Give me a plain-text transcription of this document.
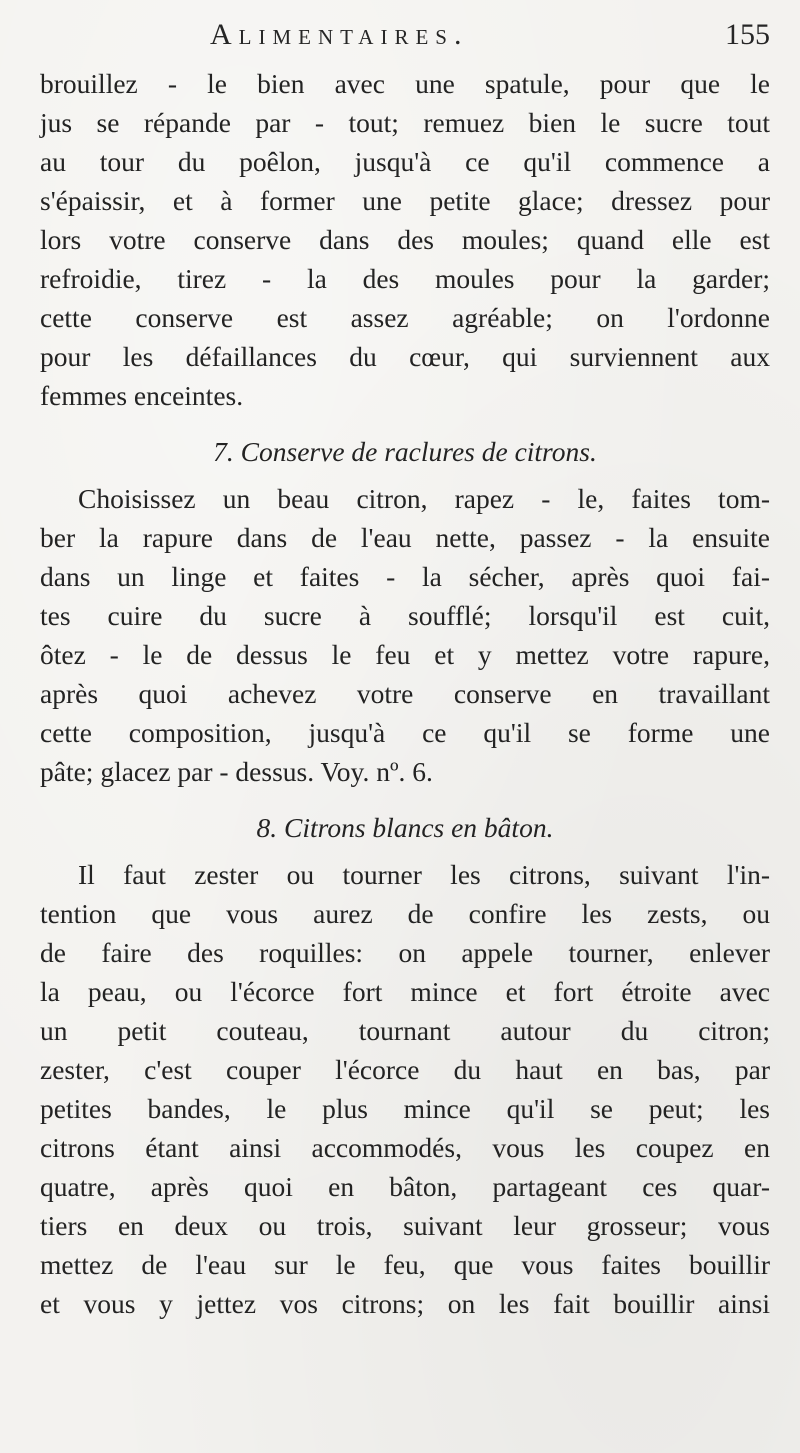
Alimentaires.	155
brouillez - le bien avec une spatule, pour que le
jus se répande par - tout; remuez bien le sucre tout
au tour du poêlon, jusqu'à ce qu'il commence a
s'épaissir, et à former une petite glace; dressez pour
lors votre conserve dans des moules; quand elle est
refroidie, tirez - la des moules pour la garder;
cette conserve est assez agréable; on l'ordonne
pour les défaillances du cœur, qui surviennent aux
femmes enceintes.
7. Conserve de raclures de citrons.
Choisissez un beau citron, rapez - le, faites tom-
ber la rapure dans de l'eau nette, passez - la ensuite
dans un linge et faites - la sécher, après quoi fai-
tes cuire du sucre à soufflé; lorsqu'il est cuit,
ôtez - le de dessus le feu et y mettez votre rapure,
après quoi achevez votre conserve en travaillant
cette composition, jusqu'à ce qu'il se forme une
pâte; glacez par - dessus. Voy. nº. 6.
8. Citrons blancs en bâton.
Il faut zester ou tourner les citrons, suivant l'in-
tention que vous aurez de confire les zests, ou
de faire des roquilles: on appele tourner, enlever
la peau, ou l'écorce fort mince et fort étroite avec
un petit couteau, tournant autour du citron;
zester, c'est couper l'écorce du haut en bas, par
petites bandes, le plus mince qu'il se peut; les
citrons étant ainsi accommodés, vous les coupez en
quatre, après quoi en bâton, partageant ces quar-
tiers en deux ou trois, suivant leur grosseur; vous
mettez de l'eau sur le feu, que vous faites bouillir
et vous y jettez vos citrons; on les fait bouillir ainsi
